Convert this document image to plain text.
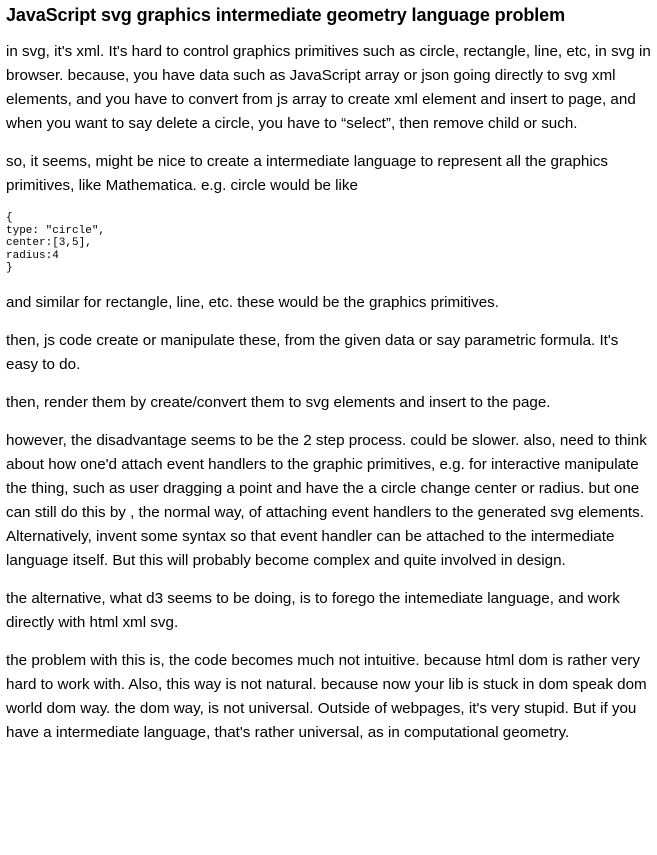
JavaScript svg graphics intermediate geometry language problem

in svg, it's xml. It's hard to control graphics primitives such as circle, rectangle, line, etc, in svg in browser. because, you have data such as JavaScript array or json going directly to svg xml elements, and you have to convert from js array to create xml element and insert to page, and when you want to say delete a circle, you have to “select”, then remove child or such.

so, it seems, might be nice to create a intermediate language to represent all the graphics primitives, like Mathematica. e.g. circle would be like

{
type: "circle",
center:[3,5],
radius:4
}

and similar for rectangle, line, etc. these would be the graphics primitives.

then, js code create or manipulate these, from the given data or say parametric formula. It's easy to do.

then, render them by create/convert them to svg elements and insert to the page.

however, the disadvantage seems to be the 2 step process. could be slower. also, need to think about how one'd attach event handlers to the graphic primitives, e.g. for interactive manipulate the thing, such as user dragging a point and have the a circle change center or radius. but one can still do this by , the normal way, of attaching event handlers to the generated svg elements. Alternatively, invent some syntax so that event handler can be attached to the intermediate language itself. But this will probably become complex and quite involved in design.

the alternative, what d3 seems to be doing, is to forego the intemediate language, and work directly with html xml svg.

the problem with this is, the code becomes much not intuitive. because html dom is rather very hard to work with. Also, this way is not natural. because now your lib is stuck in dom speak dom world dom way. the dom way, is not universal. Outside of webpages, it's very stupid. But if you have a intermediate language, that's rather universal, as in computational geometry.
